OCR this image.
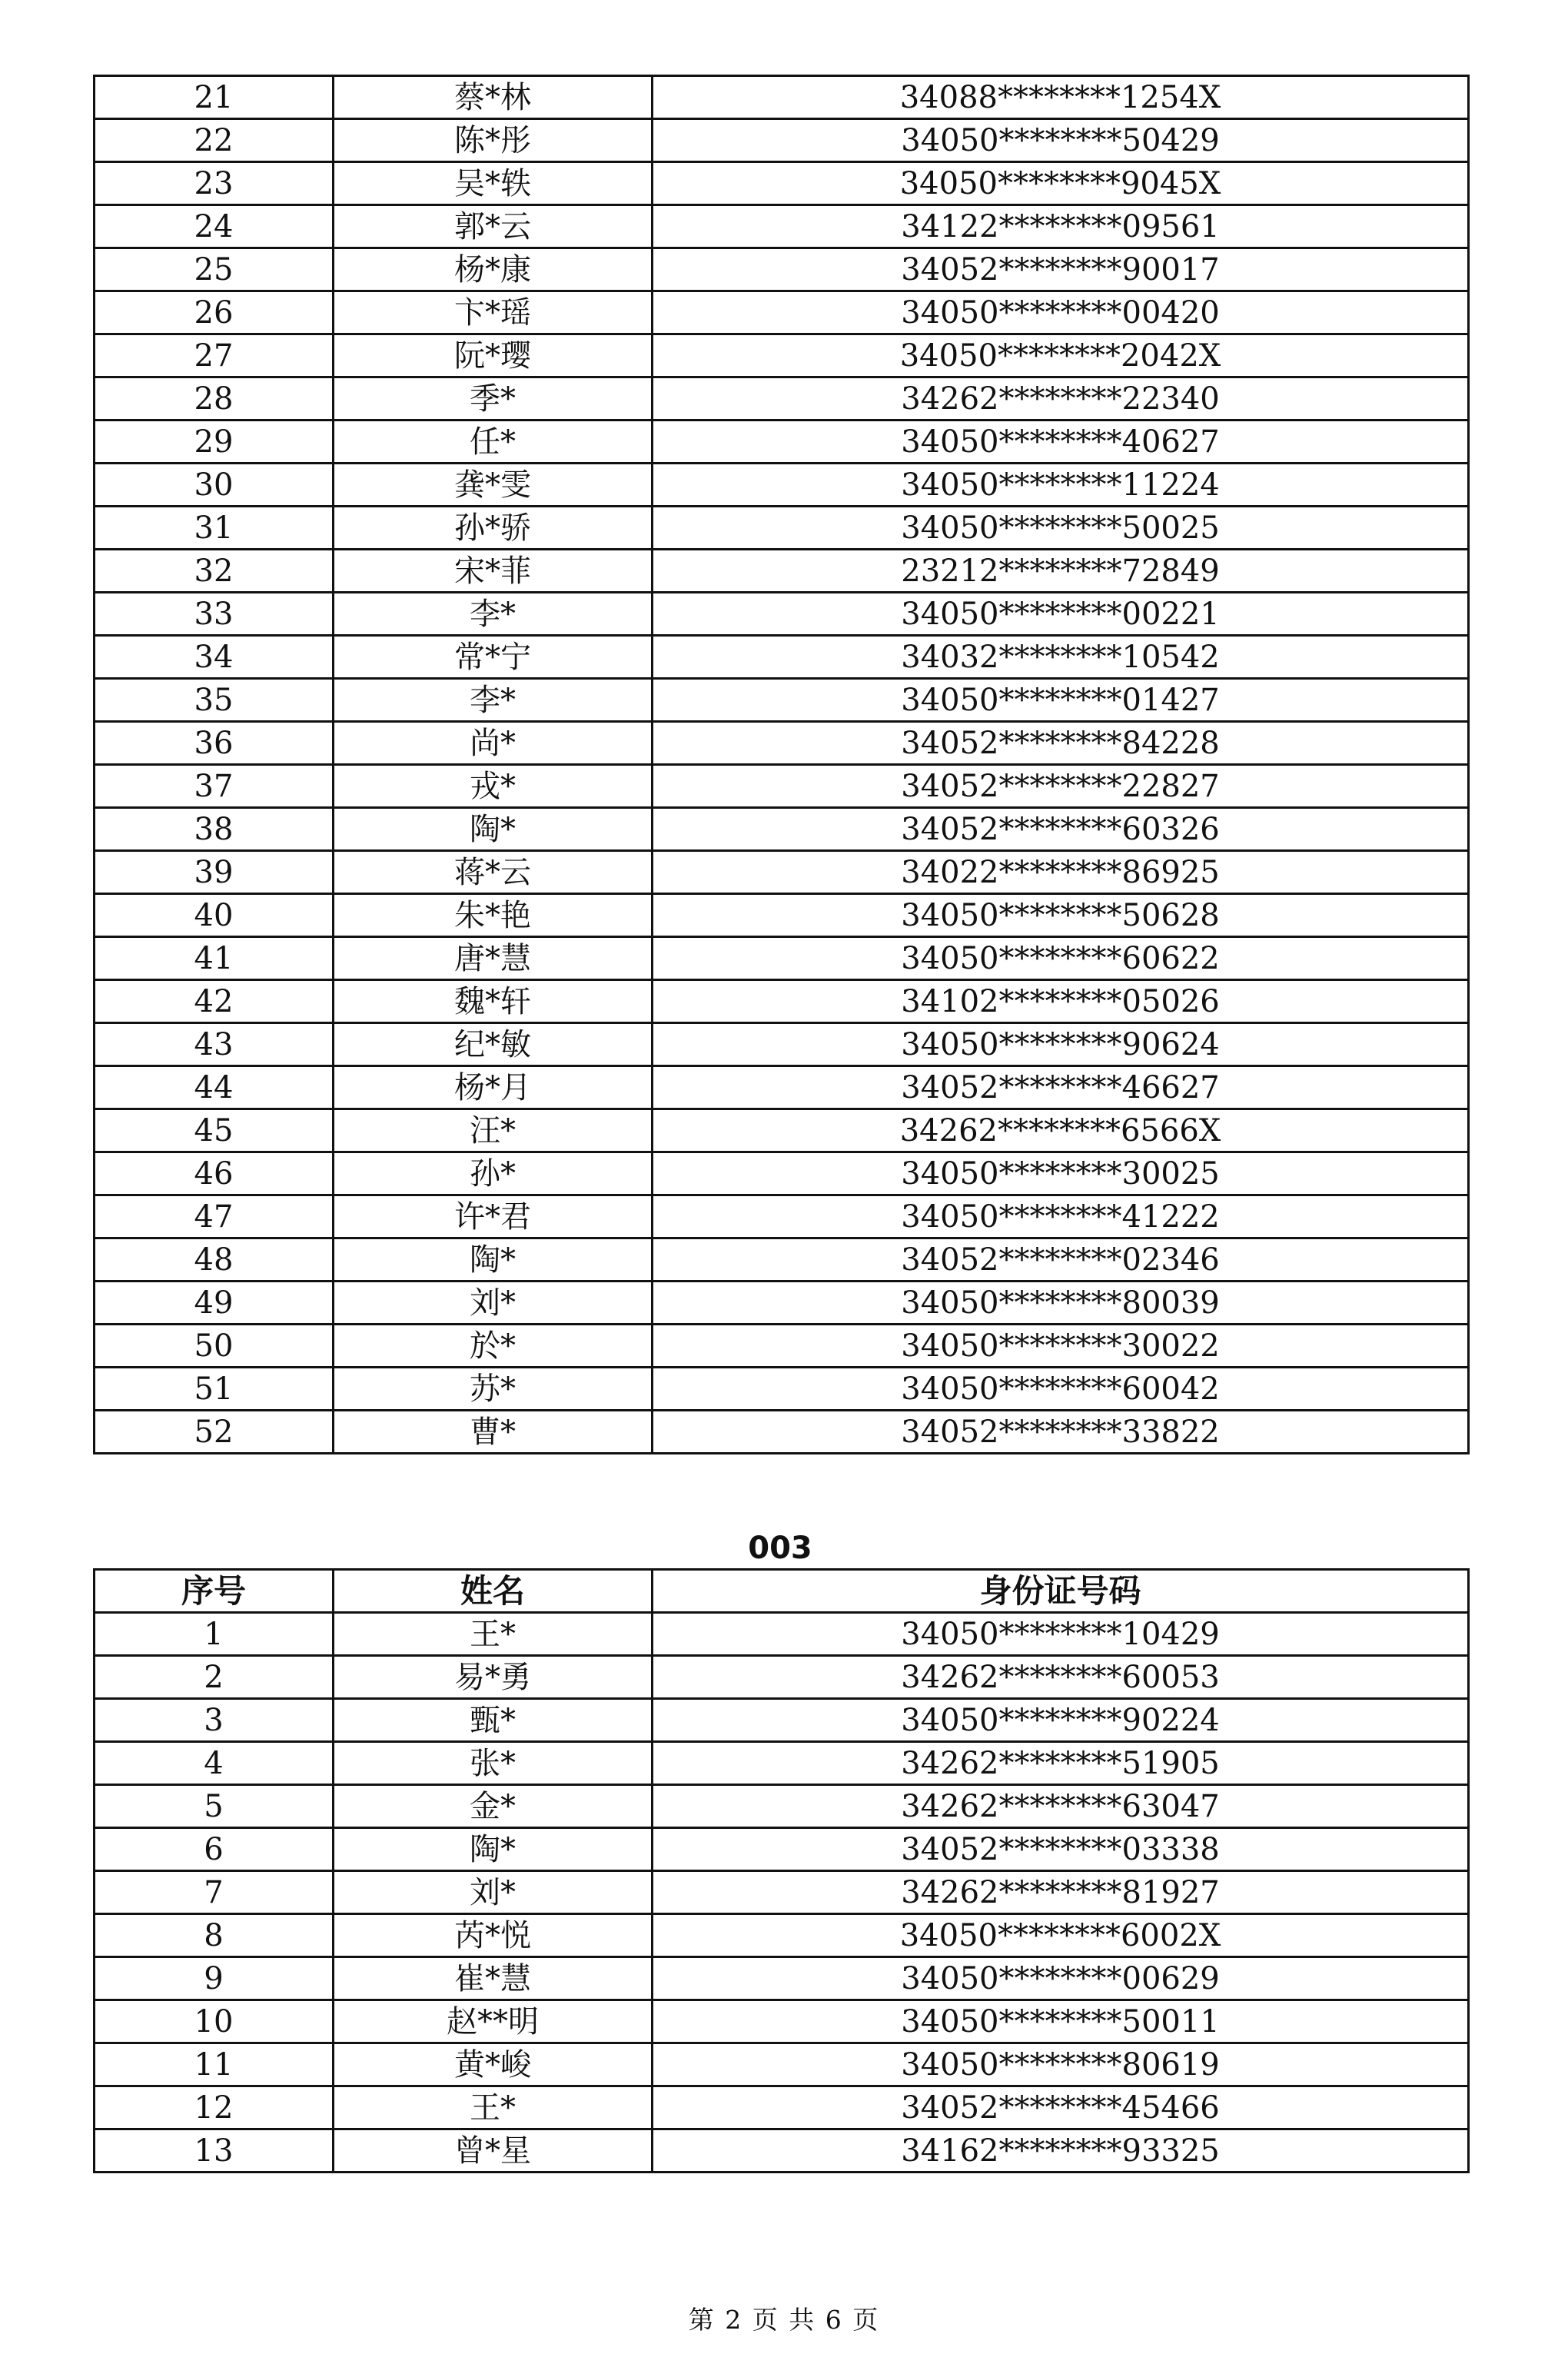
21	蔡*林	34088********1254X
22	陈*彤	34050********50429
23	吴*轶	34050********9045X
24	郭*云	34122********09561
25	杨*康	34052********90017
26	卞*瑶	34050********00420
27	阮*璎	34050********2042X
28	季*	34262********22340
29	任*	34050********40627
30	龚*雯	34050********11224
31	孙*骄	34050********50025
32	宋*菲	23212********72849
33	李*	34050********00221
34	常*宁	34032********10542
35	李*	34050********01427
36	尚*	34052********84228
37	戎*	34052********22827
38	陶*	34052********60326
39	蒋*云	34022********86925
40	朱*艳	34050********50628
41	唐*慧	34050********60622
42	魏*轩	34102********05026
43	纪*敏	34050********90624
44	杨*月	34052********46627
45	汪*	34262********6566X
46	孙*	34050********30025
47	许*君	34050********41222
48	陶*	34052********02346
49	刘*	34050********80039
50	於*	34050********30022
51	苏*	34050********60042
52	曹*	34052********33822
003
序号	姓名	身份证号码
1	王*	34050********10429
2	易*勇	34262********60053
3	甄*	34050********90224
4	张*	34262********51905
5	金*	34262********63047
6	陶*	34052********03338
7	刘*	34262********81927
8	芮*悦	34050********6002X
9	崔*慧	34050********00629
10	赵**明	34050********50011
11	黄*峻	34050********80619
12	王*	34052********45466
13	曾*星	34162********93325
第 2 页 共 6 页
